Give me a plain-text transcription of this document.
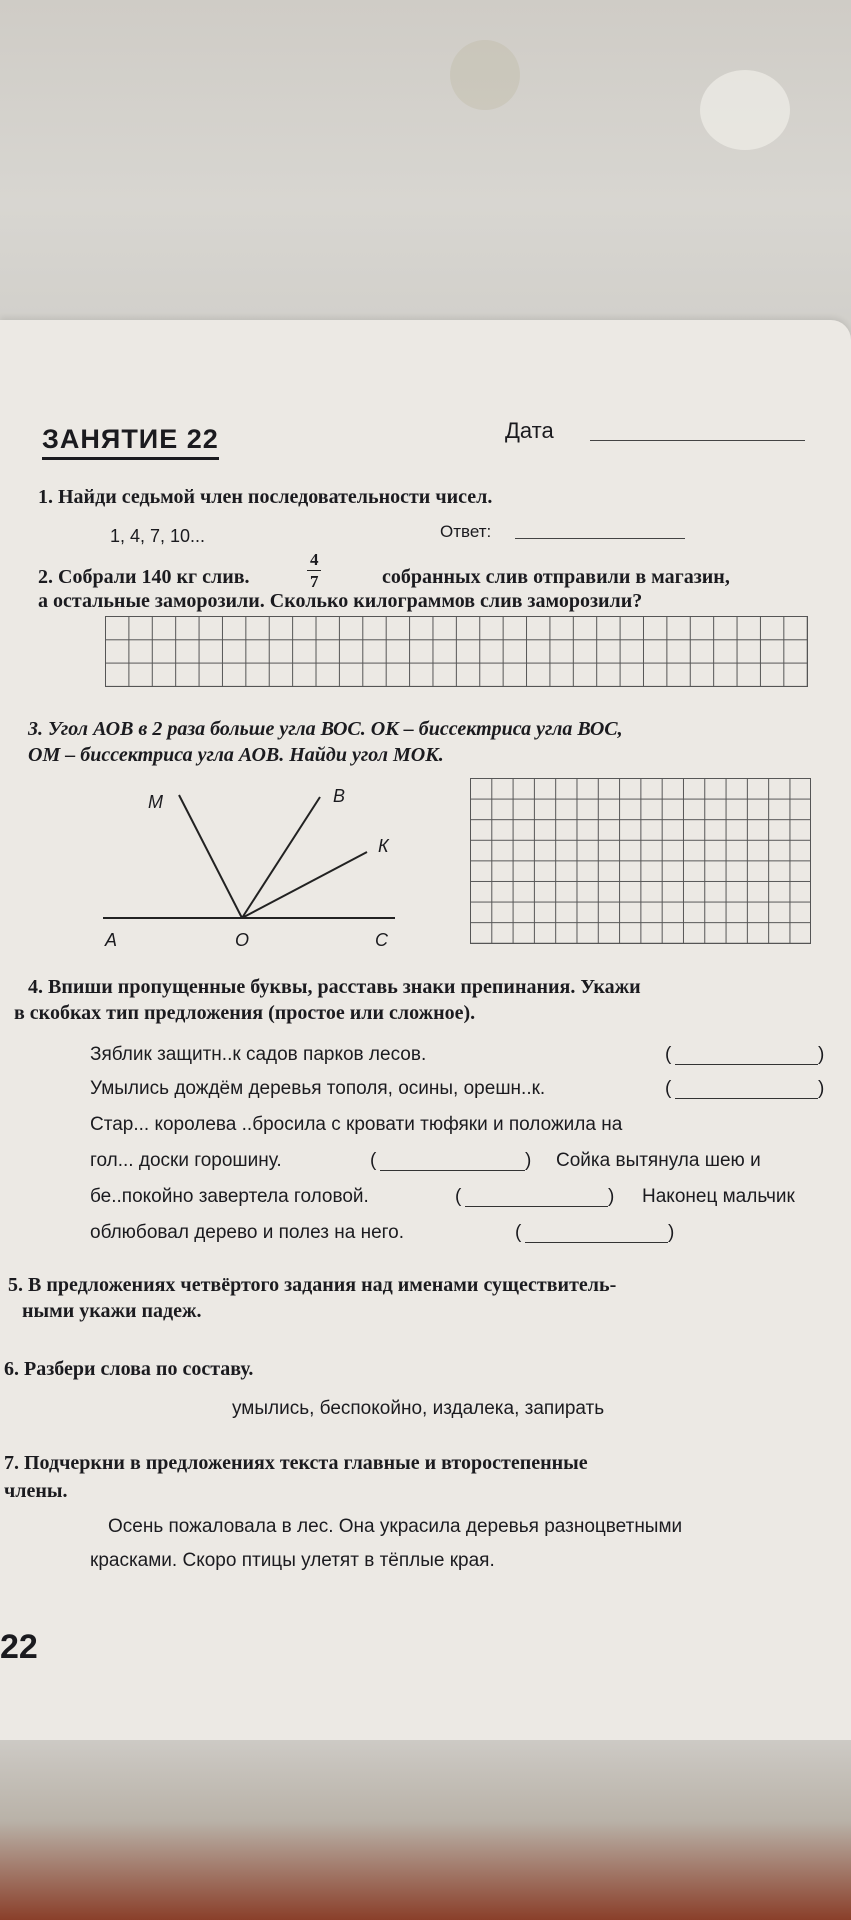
ЗАНЯТИЕ 22	Дата
1. Найди седьмой член последовательности чисел.
1, 4, 7, 10...	Ответ:
2. Собрали 140 кг слив.
4
7	собранных слив отправили в магазин,
а остальные заморозили. Сколько килограммов слив заморозили?
3. Угол АОВ в 2 раза больше угла ВОС. ОК – биссектриса угла ВОС,
ОМ – биссектриса угла АОВ. Найди угол МОК.
М	В
К
А	О	С
4. Впиши пропущенные буквы, расставь знаки препинания. Укажи
в скобках тип предложения (простое или сложное).
Зяблик защитн..к садов парков лесов.	(	)
Умылись дождём деревья тополя, осины, орешн..к.	(	)
Стар... королева ..бросила с кровати тюфяки и положила на
гол... доски горошину.	(	) Сойка вытянула шею и
бе..покойно завертела головой.	(	) Наконец мальчик
облюбовал дерево и полез на него.	(	)
5. В предложениях четвёртого задания над именами существитель-
ными укажи падеж.
6. Разбери слова по составу.
умылись, беспокойно, издалека, запирать
7. Подчеркни в предложениях текста главные и второстепенные
члены.
Осень пожаловала в лес. Она украсила деревья разноцветными
красками. Скоро птицы улетят в тёплые края.
22
